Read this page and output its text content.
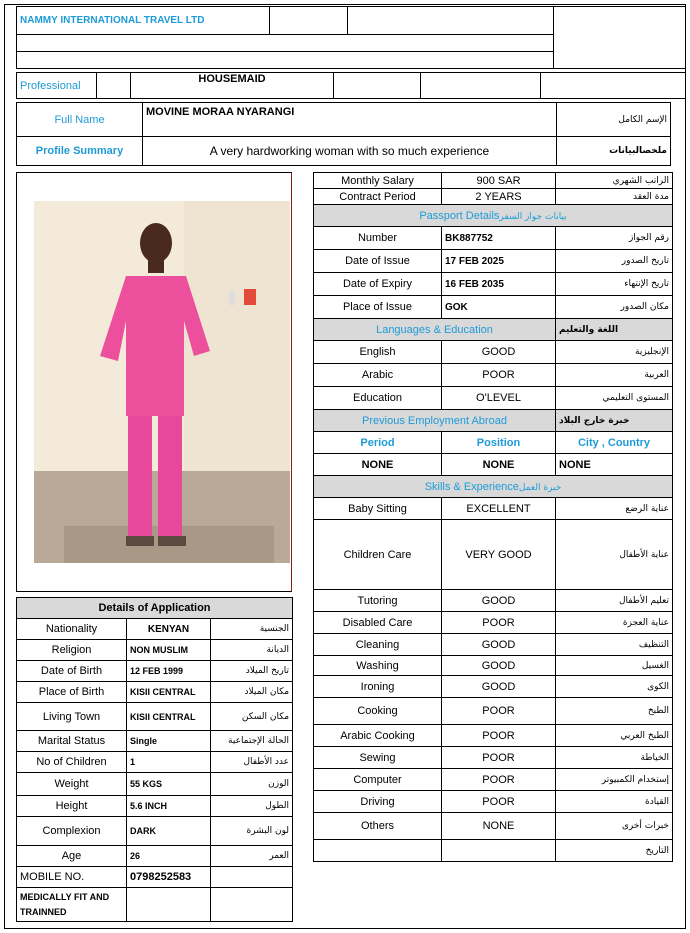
NAMMY INTERNATIONAL TRAVEL LTD			

Professional		HOUSEMAID			
Full Name	MOVINE MORAA NYARANGI	الإسم الكامل
Profile Summary	A very hardworking woman with so much experience	ملخصالبيانات
Details of Application		
Nationality	KENYAN	الجنسية
Religion	NON MUSLIM	الديانة
Date of Birth	12 FEB 1999	تاريخ الميلاد
Place of Birth	KISII CENTRAL	مكان الميلاد
Living Town	KISII CENTRAL	مكان السكن
Marital Status	Single	الحالة الإجتماعية
No of Children	1	عدد الأطفال
Weight	55 KGS	الوزن
Height	5.6 INCH	الطول
Complexion	DARK	لون البشرة
Age	26	العمر
MOBILE NO.	0798252583	
MEDICALLY FIT AND
TRAINNED		
Monthly Salary	900 SAR	الراتب الشهري
Contract Period	2 YEARS	مدة العقد
Passport Detailsبيانات جواز السفر		
Number	BK887752	رقم الجواز
Date of Issue	17 FEB 2025	تاريخ الصدور
Date of Expiry	16 FEB 2035	تاريخ الإنتهاء
Place of Issue	GOK	مكان الصدور
Languages & Education		اللغة والتعليم
English	GOOD	الإنجليزية
Arabic	POOR	العربية
Education	O'LEVEL	المستوى التعليمي
Previous Employment Abroad		خبرة خارج البلاد
Period	Position	City , Country
NONE	NONE	NONE
Skills & Experienceخبرة العمل		
Baby Sitting	EXCELLENT	عناية الرضع
Children Care	VERY GOOD	عناية الأطفال
Tutoring	GOOD	تعليم الأطفال
Disabled Care	POOR	عناية العجزة
Cleaning	GOOD	التنظيف
Washing	GOOD	الغسيل
Ironing	GOOD	الكوى
Cooking	POOR	الطبخ
Arabic Cooking	POOR	الطبخ العربي
Sewing	POOR	الخياطة
Computer	POOR	إستخدام الكمبيوتر
Driving	POOR	القيادة
Others	NONE	خبرات أخرى
		التاريخ
